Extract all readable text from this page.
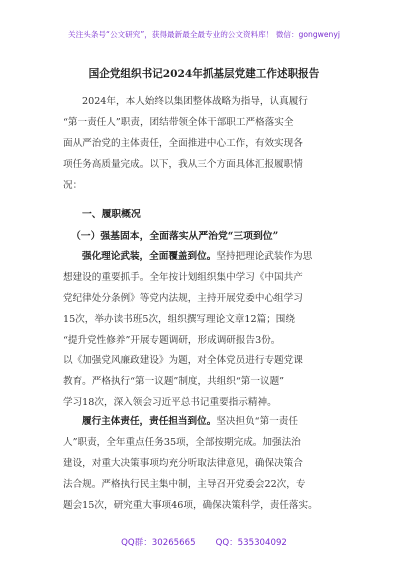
关注头条号“公文研究”，获得最新最全最专业的公文资料库！ 微信：gongwenyj
国企党组织书记2024年抓基层党建工作述职报告
2024年，本人始终以集团整体战略为指导，认真履行
“第一责任人”职责，团结带领全体干部职工严格落实全
面从严治党的主体责任，全面推进中心工作，有效实现各
项任务高质量完成。以下，我从三个方面具体汇报履职情
况：
一、履职概况
（一）强基固本，全面落实从严治党“三项到位”
强化理论武装，全面覆盖到位。坚持把理论武装作为思
想建设的重要抓手。全年按计划组织集中学习《中国共产
党纪律处分条例》等党内法规，主持开展党委中心组学习
15次，举办读书班5次，组织撰写理论文章12篇；围绕
“提升党性修养”开展专题调研，形成调研报告3份。
以《加强党风廉政建设》为题，对全体党员进行专题党课
教育。严格执行“第一议题”制度，共组织“第一议题”
学习18次，深入领会习近平总书记重要指示精神。
履行主体责任，责任担当到位。坚决担负“第一责任
人”职责，全年重点任务35项，全部按期完成。加强法治
建设，对重大决策事项均充分听取法律意见，确保决策合
法合规。严格执行民主集中制，主导召开党委会22次，专
题会15次，研究重大事项46项，确保决策科学，责任落实。
QQ群：30265665 QQ：535304092
